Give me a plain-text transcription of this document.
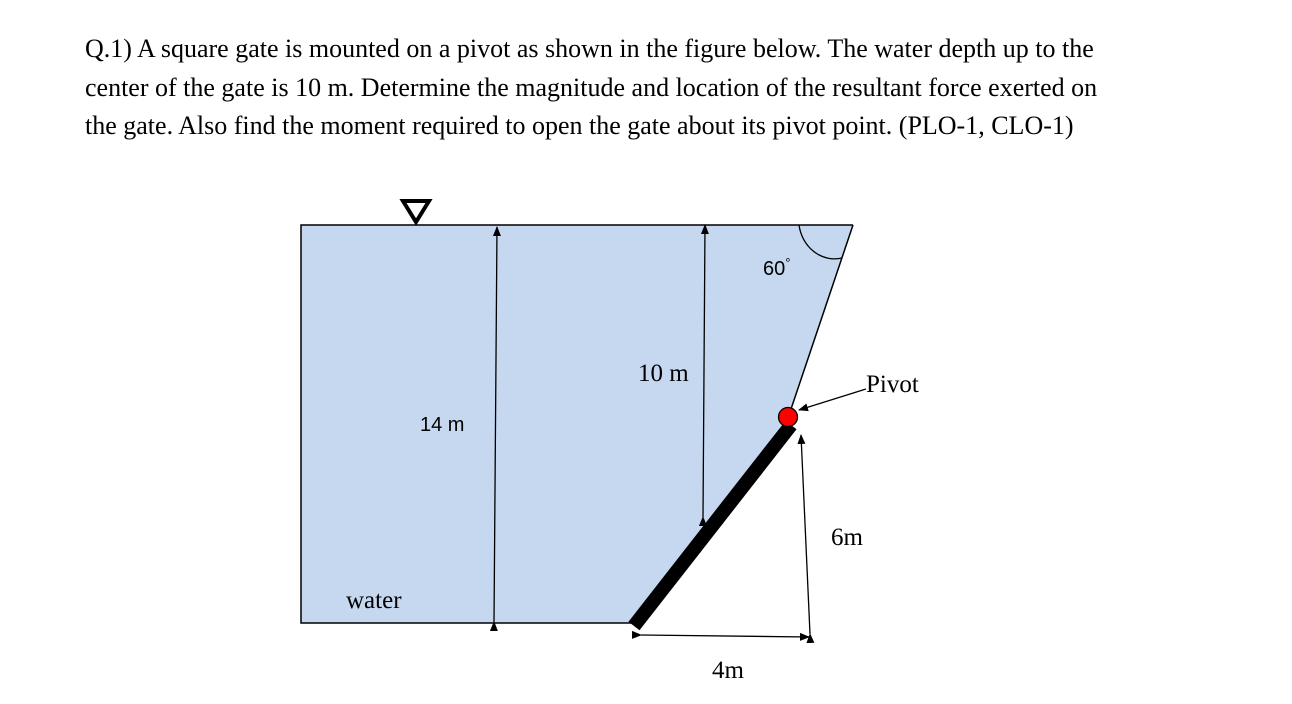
Q.1) A square gate is mounted on a pivot as shown in the figure below. The water depth up to the
center of the gate is 10 m. Determine the magnitude and location of the resultant force exerted on
the gate. Also find the moment required to open the gate about its pivot point. (PLO-1, CLO-1)
60°
14 m
10 m	Pivot
6m
4m
water
